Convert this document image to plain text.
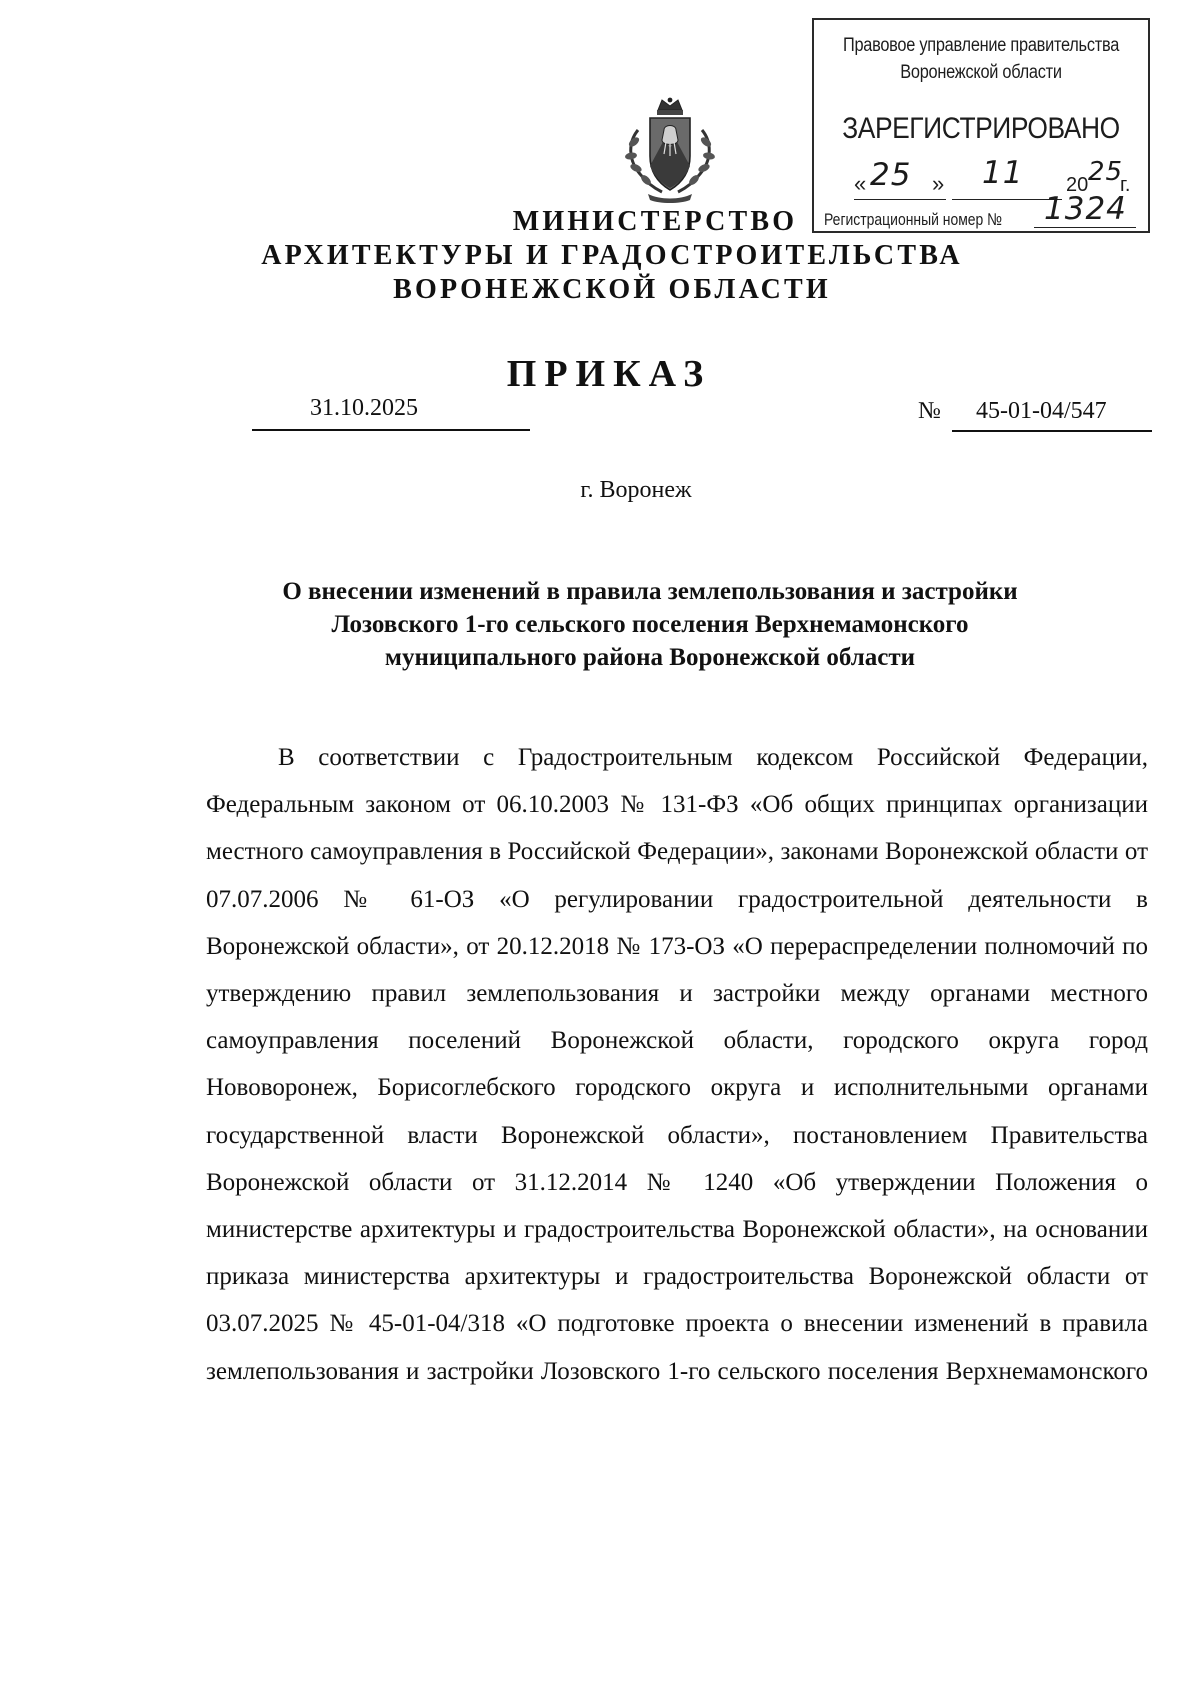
Правовое управление правительства
Воронежской области
ЗАРЕГИСТРИРОВАНО
« 25 » 11 20 25
г.
Регистрационный номер № 1324
МИНИСТЕРСТВО
АРХИТЕКТУРЫ И ГРАДОСТРОИТЕЛЬСТВА
ВОРОНЕЖСКОЙ ОБЛАСТИ
ПРИКАЗ
31.10.2025	№ 45-01-04/547
г. Воронеж
О внесении изменений в правила землепользования и застройки
Лозовского 1-го сельского поселения Верхнемамонского
муниципального района Воронежской области

В соответствии с Градостроительным кодексом Российской Федерации, Федеральным законом от 06.10.2003 № 131-ФЗ «Об общих принципах организации местного самоуправления в Российской Федерации», законами Воронежской области от 07.07.2006 № 61-ОЗ «О регулировании градостроительной деятельности в Воронежской области», от 20.12.2018 № 173-ОЗ «О перераспределении полномочий по утверждению правил землепользования и застройки между органами местного самоуправления поселений Воронежской области, городского округа город Нововоронеж, Борисоглебского городского округа и исполнительными органами государственной власти Воронежской области», постановлением Правительства Воронежской области от 31.12.2014 № 1240 «Об утверждении Положения о министерстве архитектуры и градостроительства Воронежской области», на основании приказа министерства архитектуры и градостроительства Воронежской области от 03.07.2025 № 45-01-04/318 «О подготовке проекта о внесении изменений в правила землепользования и застройки Лозовского 1-го сельского поселения Верхнемамонского
